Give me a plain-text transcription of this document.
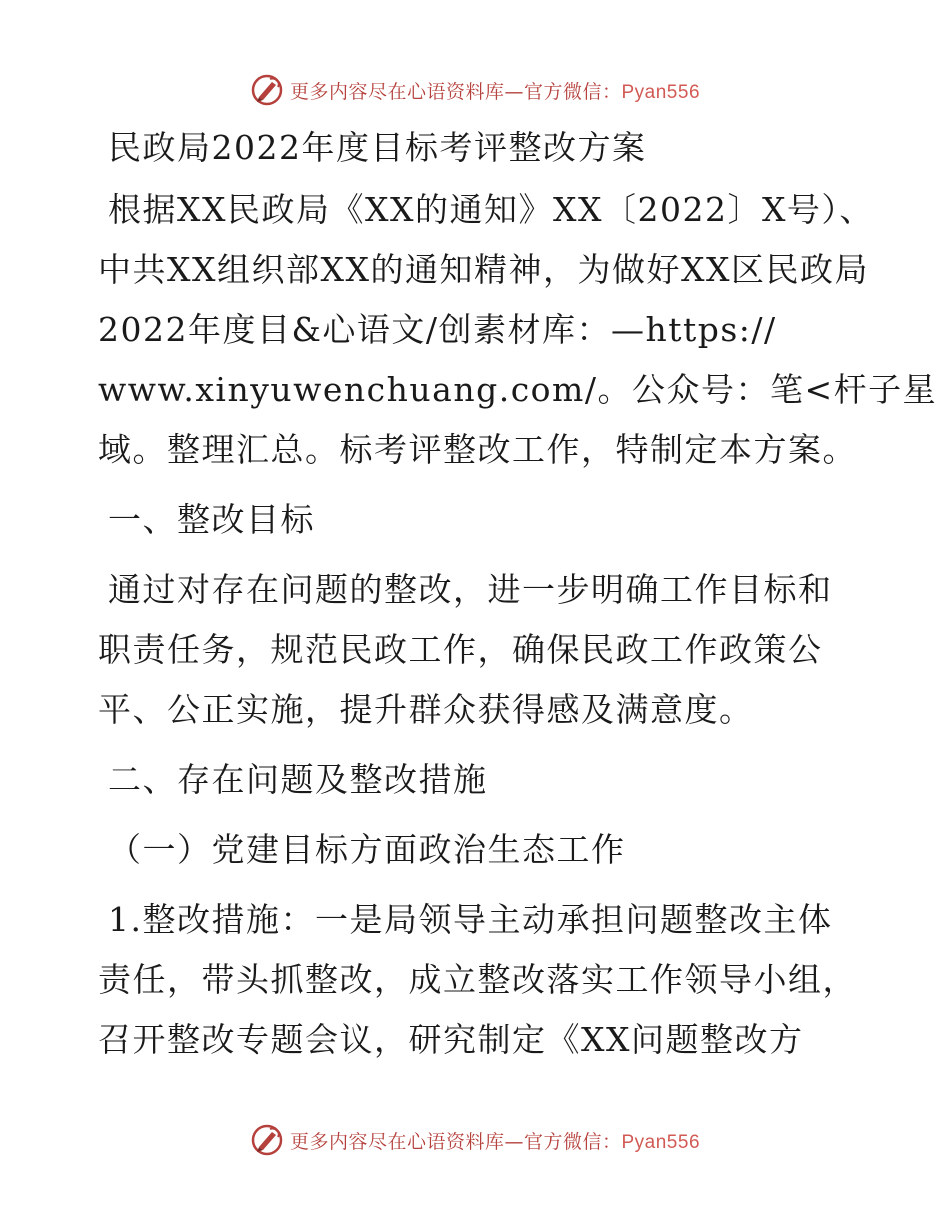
更多内容尽在心语资料库—官方微信：Pyan556

民政局2022年度目标考评整改方案

根据XX民政局《XX的通知》XX〔2022〕X号）、

中共XX组织部XX的通知精神，为做好XX区民政局

2022年度目&心语文/创素材库：—https://

www.xinyuwenchuang.com/。公众号：笔<杆子星

域。整理汇总。标考评整改工作，特制定本方案。

一、整改目标

通过对存在问题的整改，进一步明确工作目标和

职责任务，规范民政工作，确保民政工作政策公

平、公正实施，提升群众获得感及满意度。

二、存在问题及整改措施

（一）党建目标方面政治生态工作

1.整改措施：一是局领导主动承担问题整改主体

责任，带头抓整改，成立整改落实工作领导小组，

召开整改专题会议，研究制定《XX问题整改方

更多内容尽在心语资料库—官方微信：Pyan556
